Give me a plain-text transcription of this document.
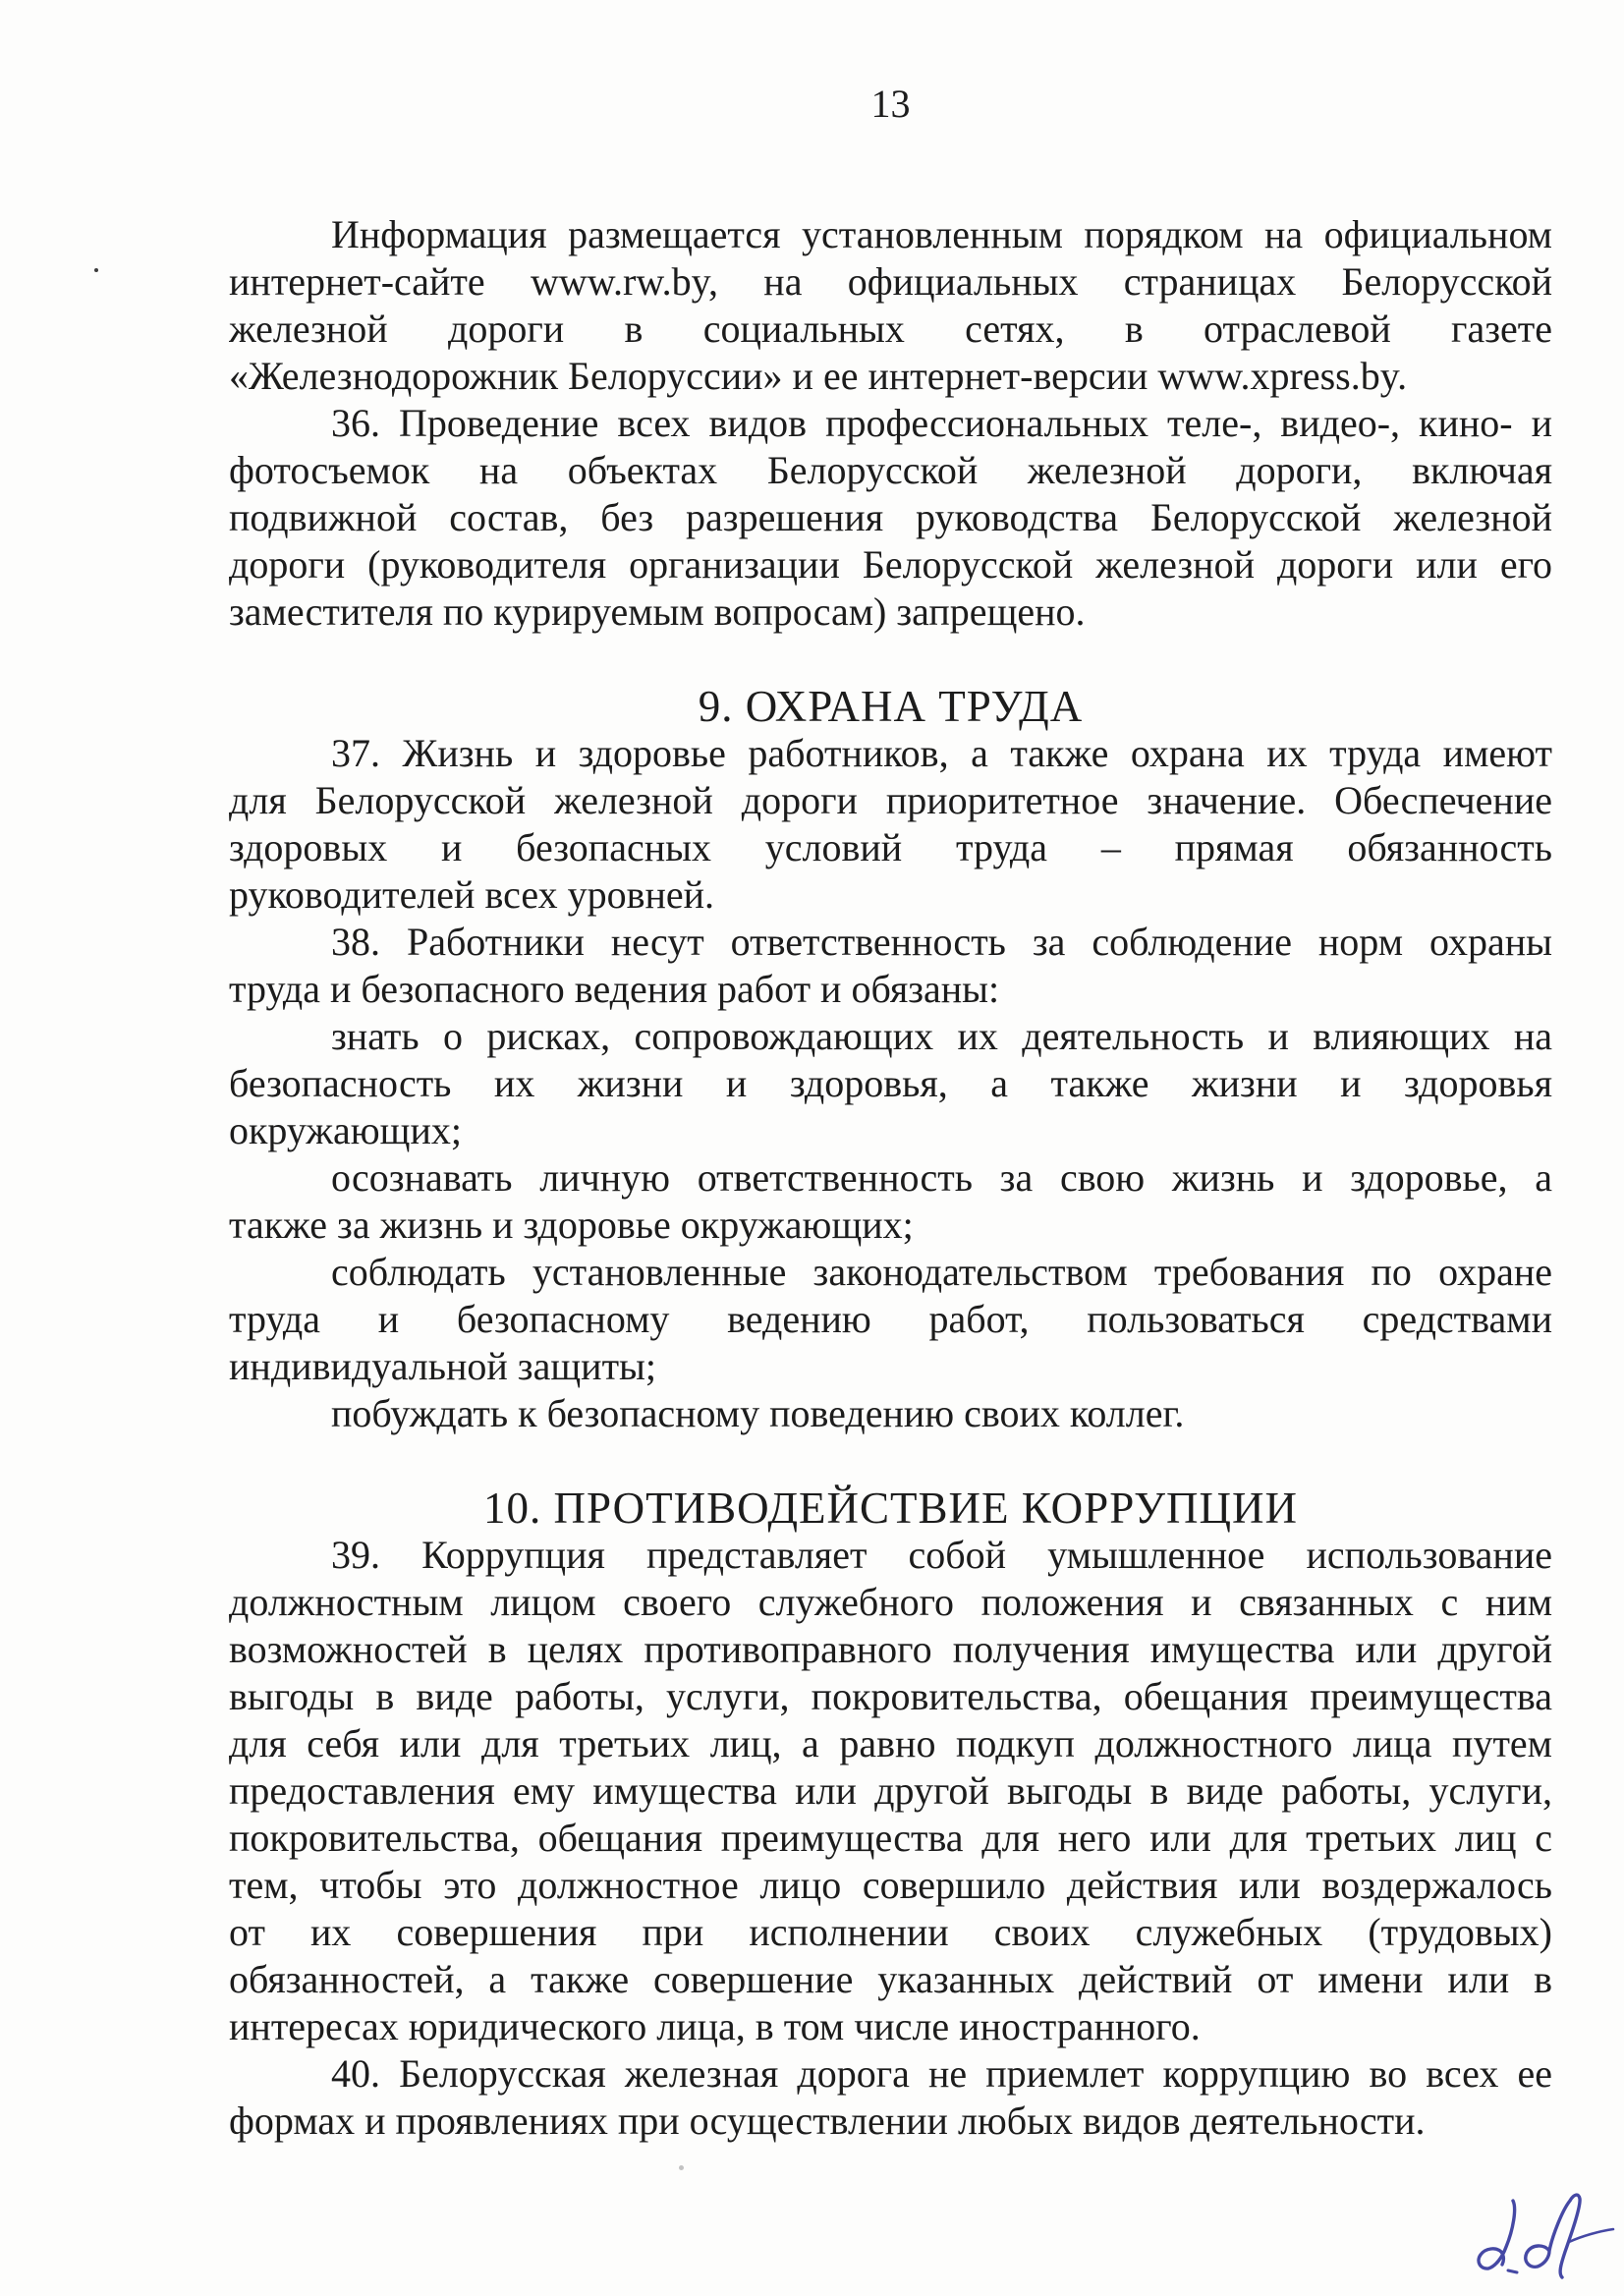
13

Информация размещается установленным порядком на официальном
интернет-сайте www.rw.by, на официальных страницах Белорусской
железной дороги в социальных сетях, в отраслевой газете
«Железнодорожник Белоруссии» и ее интернет-версии www.xpress.by.

36. Проведение всех видов профессиональных теле-, видео-, кино- и
фотосъемок на объектах Белорусской железной дороги, включая
подвижной состав, без разрешения руководства Белорусской железной
дороги (руководителя организации Белорусской железной дороги или его
заместителя по курируемым вопросам) запрещено.

9. ОХРАНА ТРУДА

37. Жизнь и здоровье работников, а также охрана их труда имеют
для Белорусской железной дороги приоритетное значение. Обеспечение
здоровых и безопасных условий труда – прямая обязанность
руководителей всех уровней.

38. Работники несут ответственность за соблюдение норм охраны
труда и безопасного ведения работ и обязаны:

знать о рисках, сопровождающих их деятельность и влияющих на
безопасность их жизни и здоровья, а также жизни и здоровья
окружающих;

осознавать личную ответственность за свою жизнь и здоровье, а
также за жизнь и здоровье окружающих;

соблюдать установленные законодательством требования по охране
труда и безопасному ведению работ, пользоваться средствами
индивидуальной защиты;

побуждать к безопасному поведению своих коллег.

10. ПРОТИВОДЕЙСТВИЕ КОРРУПЦИИ

39. Коррупция представляет собой умышленное использование
должностным лицом своего служебного положения и связанных с ним
возможностей в целях противоправного получения имущества или другой
выгоды в виде работы, услуги, покровительства, обещания преимущества
для себя или для третьих лиц, а равно подкуп должностного лица путем
предоставления ему имущества или другой выгоды в виде работы, услуги,
покровительства, обещания преимущества для него или для третьих лиц с
тем, чтобы это должностное лицо совершило действия или воздержалось
от их совершения при исполнении своих служебных (трудовых)
обязанностей, а также совершение указанных действий от имени или в
интересах юридического лица, в том числе иностранного.

40. Белорусская железная дорога не приемлет коррупцию во всех ее
формах и проявлениях при осуществлении любых видов деятельности.
